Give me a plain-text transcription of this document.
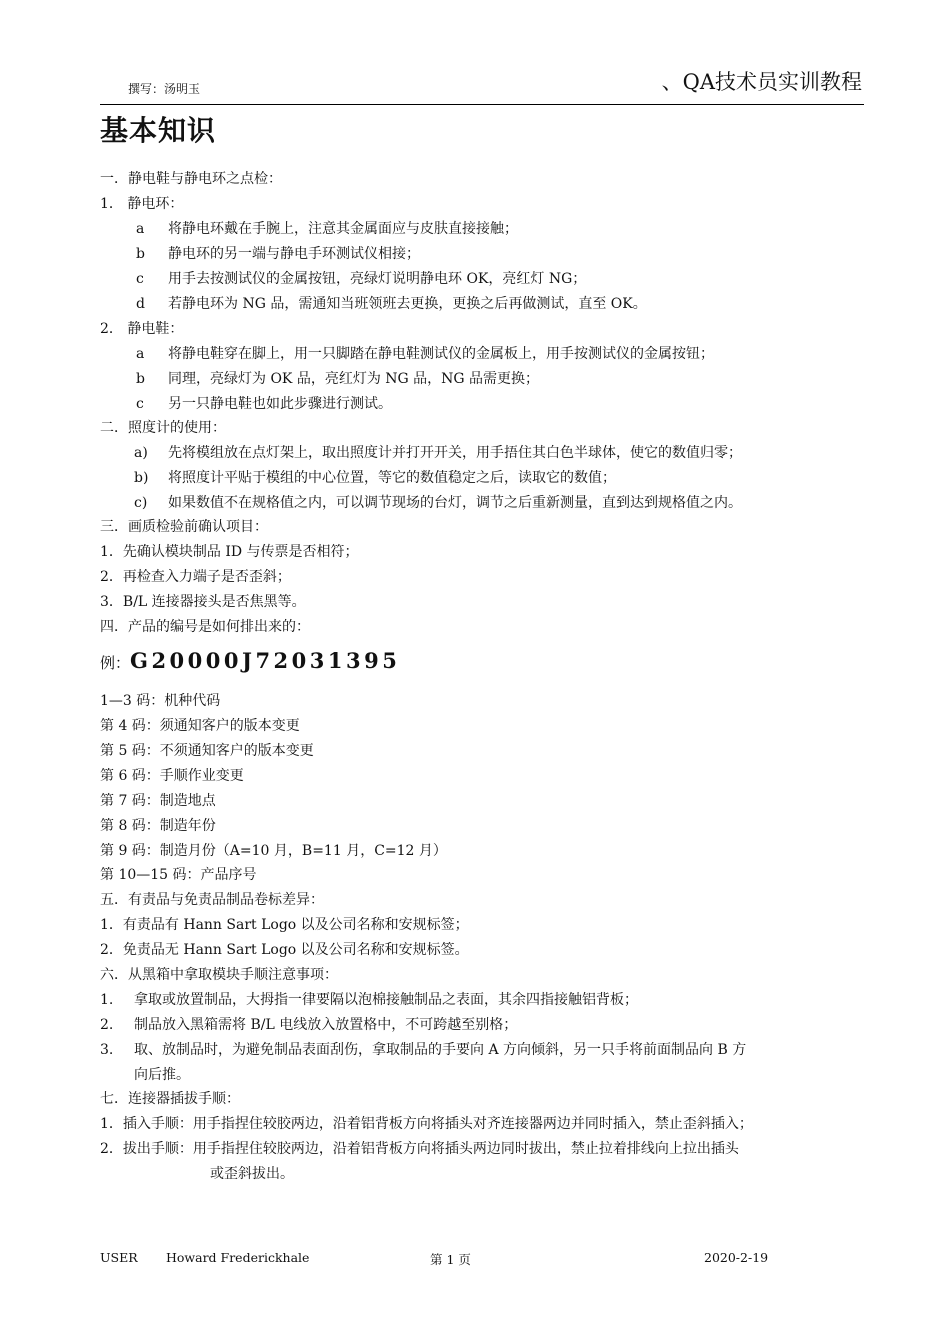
撰写：汤明玉	、QA技术员实训教程
基本知识
一．静电鞋与静电环之点检：
1． 静电环：
a 将静电环戴在手腕上，注意其金属面应与皮肤直接接触；
b 静电环的另一端与静电手环测试仪相接；
c 用手去按测试仪的金属按钮，亮绿灯说明静电环 OK，亮红灯 NG；
d 若静电环为 NG 品，需通知当班领班去更换，更换之后再做测试，直至 OK。
2． 静电鞋：
a 将静电鞋穿在脚上，用一只脚踏在静电鞋测试仪的金属板上，用手按测试仪的金属按钮；
b 同理，亮绿灯为 OK 品，亮红灯为 NG 品，NG 品需更换；
c 另一只静电鞋也如此步骤进行测试。
二．照度计的使用：
a) 先将模组放在点灯架上，取出照度计并打开开关，用手捂住其白色半球体，使它的数值归零；
b) 将照度计平贴于模组的中心位置，等它的数值稳定之后，读取它的数值；
c) 如果数值不在规格值之内，可以调节现场的台灯，调节之后重新测量，直到达到规格值之内。
三．画质检验前确认项目：
1．先确认模块制品 ID 与传票是否相符；
2．再检查入力端子是否歪斜；
3．B/L 连接器接头是否焦黑等。
四．产品的编号是如何排出来的：
例：G20000J72031395
1—3 码：机种代码
第 4 码：须通知客户的版本变更
第 5 码：不须通知客户的版本变更
第 6 码：手顺作业变更
第 7 码：制造地点
第 8 码：制造年份
第 9 码：制造月份（A=10 月，B=11 月，C=12 月）
第 10—15 码：产品序号
五．有责品与免责品制品卷标差异：
1．有责品有 Hann Sart Logo 以及公司名称和安规标签；
2．免责品无 Hann Sart Logo 以及公司名称和安规标签。
六．从黑箱中拿取模块手顺注意事项：
1. 拿取或放置制品，大拇指一律要隔以泡棉接触制品之表面，其余四指接触铝背板；
2. 制品放入黑箱需将 B/L 电线放入放置格中，不可跨越至别格；
3. 取、放制品时，为避免制品表面刮伤，拿取制品的手要向 A 方向倾斜，另一只手将前面制品向 B 方
向后推。
七．连接器插拔手顺：
1．插入手顺：用手指捏住较胶两边，沿着铝背板方向将插头对齐连接器两边并同时插入，禁止歪斜插入；
2．拔出手顺：用手指捏住较胶两边，沿着铝背板方向将插头两边同时拔出，禁止拉着排线向上拉出插头
或歪斜拔出。
USER Howard Frederickhale	第 1 页	2020-2-19
